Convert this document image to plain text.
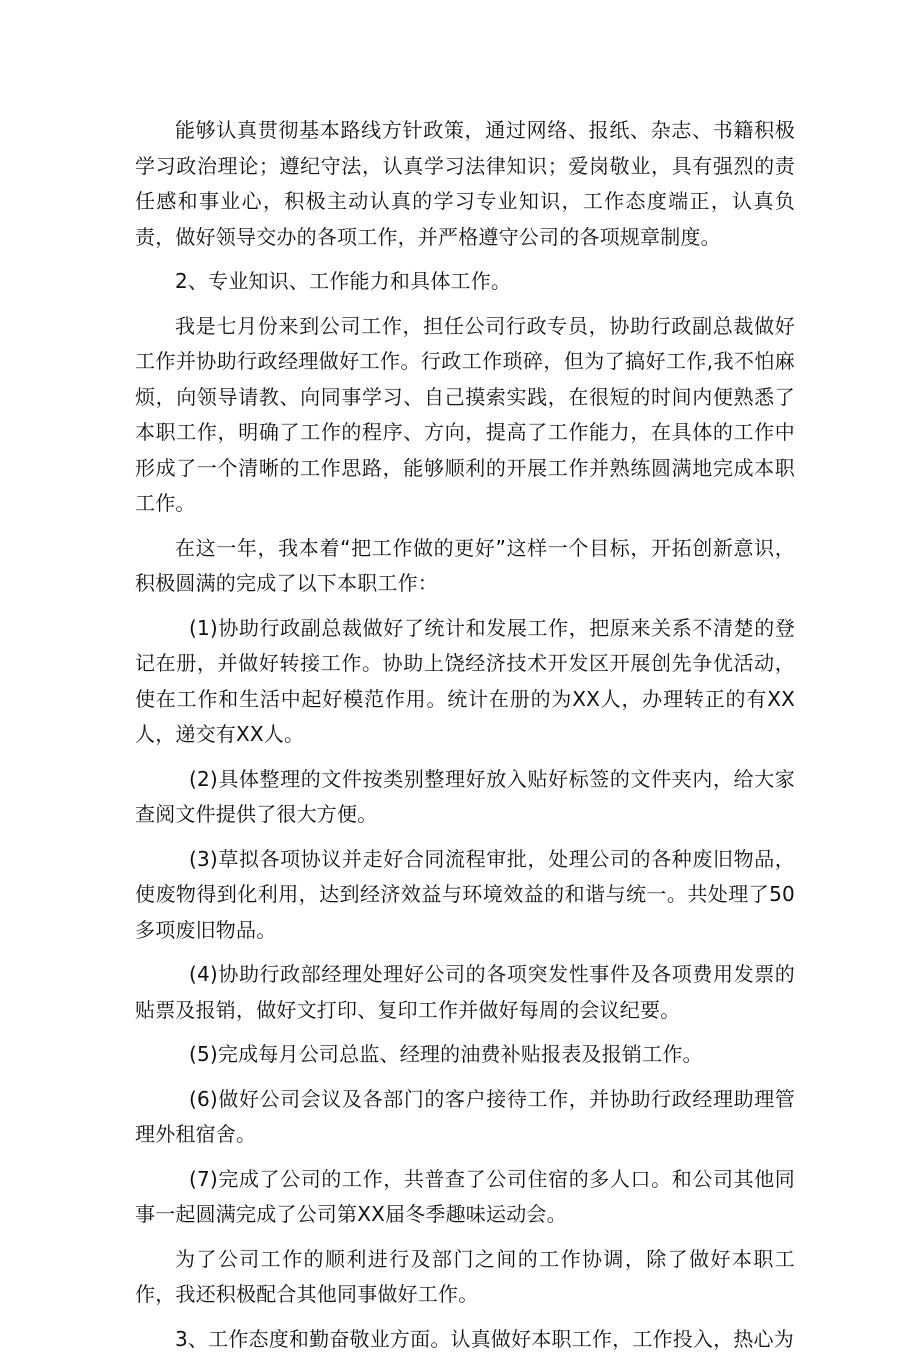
能够认真贯彻基本路线方针政策，通过网络、报纸、杂志、书籍积极学习政治理论；遵纪守法，认真学习法律知识；爱岗敬业，具有强烈的责任感和事业心，积极主动认真的学习专业知识，工作态度端正，认真负责，做好领导交办的各项工作，并严格遵守公司的各项规章制度。

2、专业知识、工作能力和具体工作。

我是七月份来到公司工作，担任公司行政专员，协助行政副总裁做好工作并协助行政经理做好工作。行政工作琐碎，但为了搞好工作,我不怕麻烦，向领导请教、向同事学习、自己摸索实践，在很短的时间内便熟悉了本职工作，明确了工作的程序、方向，提高了工作能力，在具体的工作中形成了一个清晰的工作思路，能够顺利的开展工作并熟练圆满地完成本职工作。

在这一年，我本着“把工作做的更好”这样一个目标，开拓创新意识，积极圆满的完成了以下本职工作：

(1)协助行政副总裁做好了统计和发展工作，把原来关系不清楚的登记在册，并做好转接工作。协助上饶经济技术开发区开展创先争优活动，使在工作和生活中起好模范作用。统计在册的为XX人，办理转正的有XX人，递交有XX人。

(2)具体整理的文件按类别整理好放入贴好标签的文件夹内，给大家查阅文件提供了很大方便。

(3)草拟各项协议并走好合同流程审批，处理公司的各种废旧物品，使废物得到化利用，达到经济效益与环境效益的和谐与统一。共处理了50多项废旧物品。

(4)协助行政部经理处理好公司的各项突发性事件及各项费用发票的贴票及报销，做好文打印、复印工作并做好每周的会议纪要。

(5)完成每月公司总监、经理的油费补贴报表及报销工作。

(6)做好公司会议及各部门的客户接待工作，并协助行政经理助理管理外租宿舍。

(7)完成了公司的工作，共普查了公司住宿的多人口。和公司其他同事一起圆满完成了公司第XX届冬季趣味运动会。

为了公司工作的顺利进行及部门之间的工作协调，除了做好本职工作，我还积极配合其他同事做好工作。

3、工作态度和勤奋敬业方面。认真做好本职工作，工作投入，热心为
